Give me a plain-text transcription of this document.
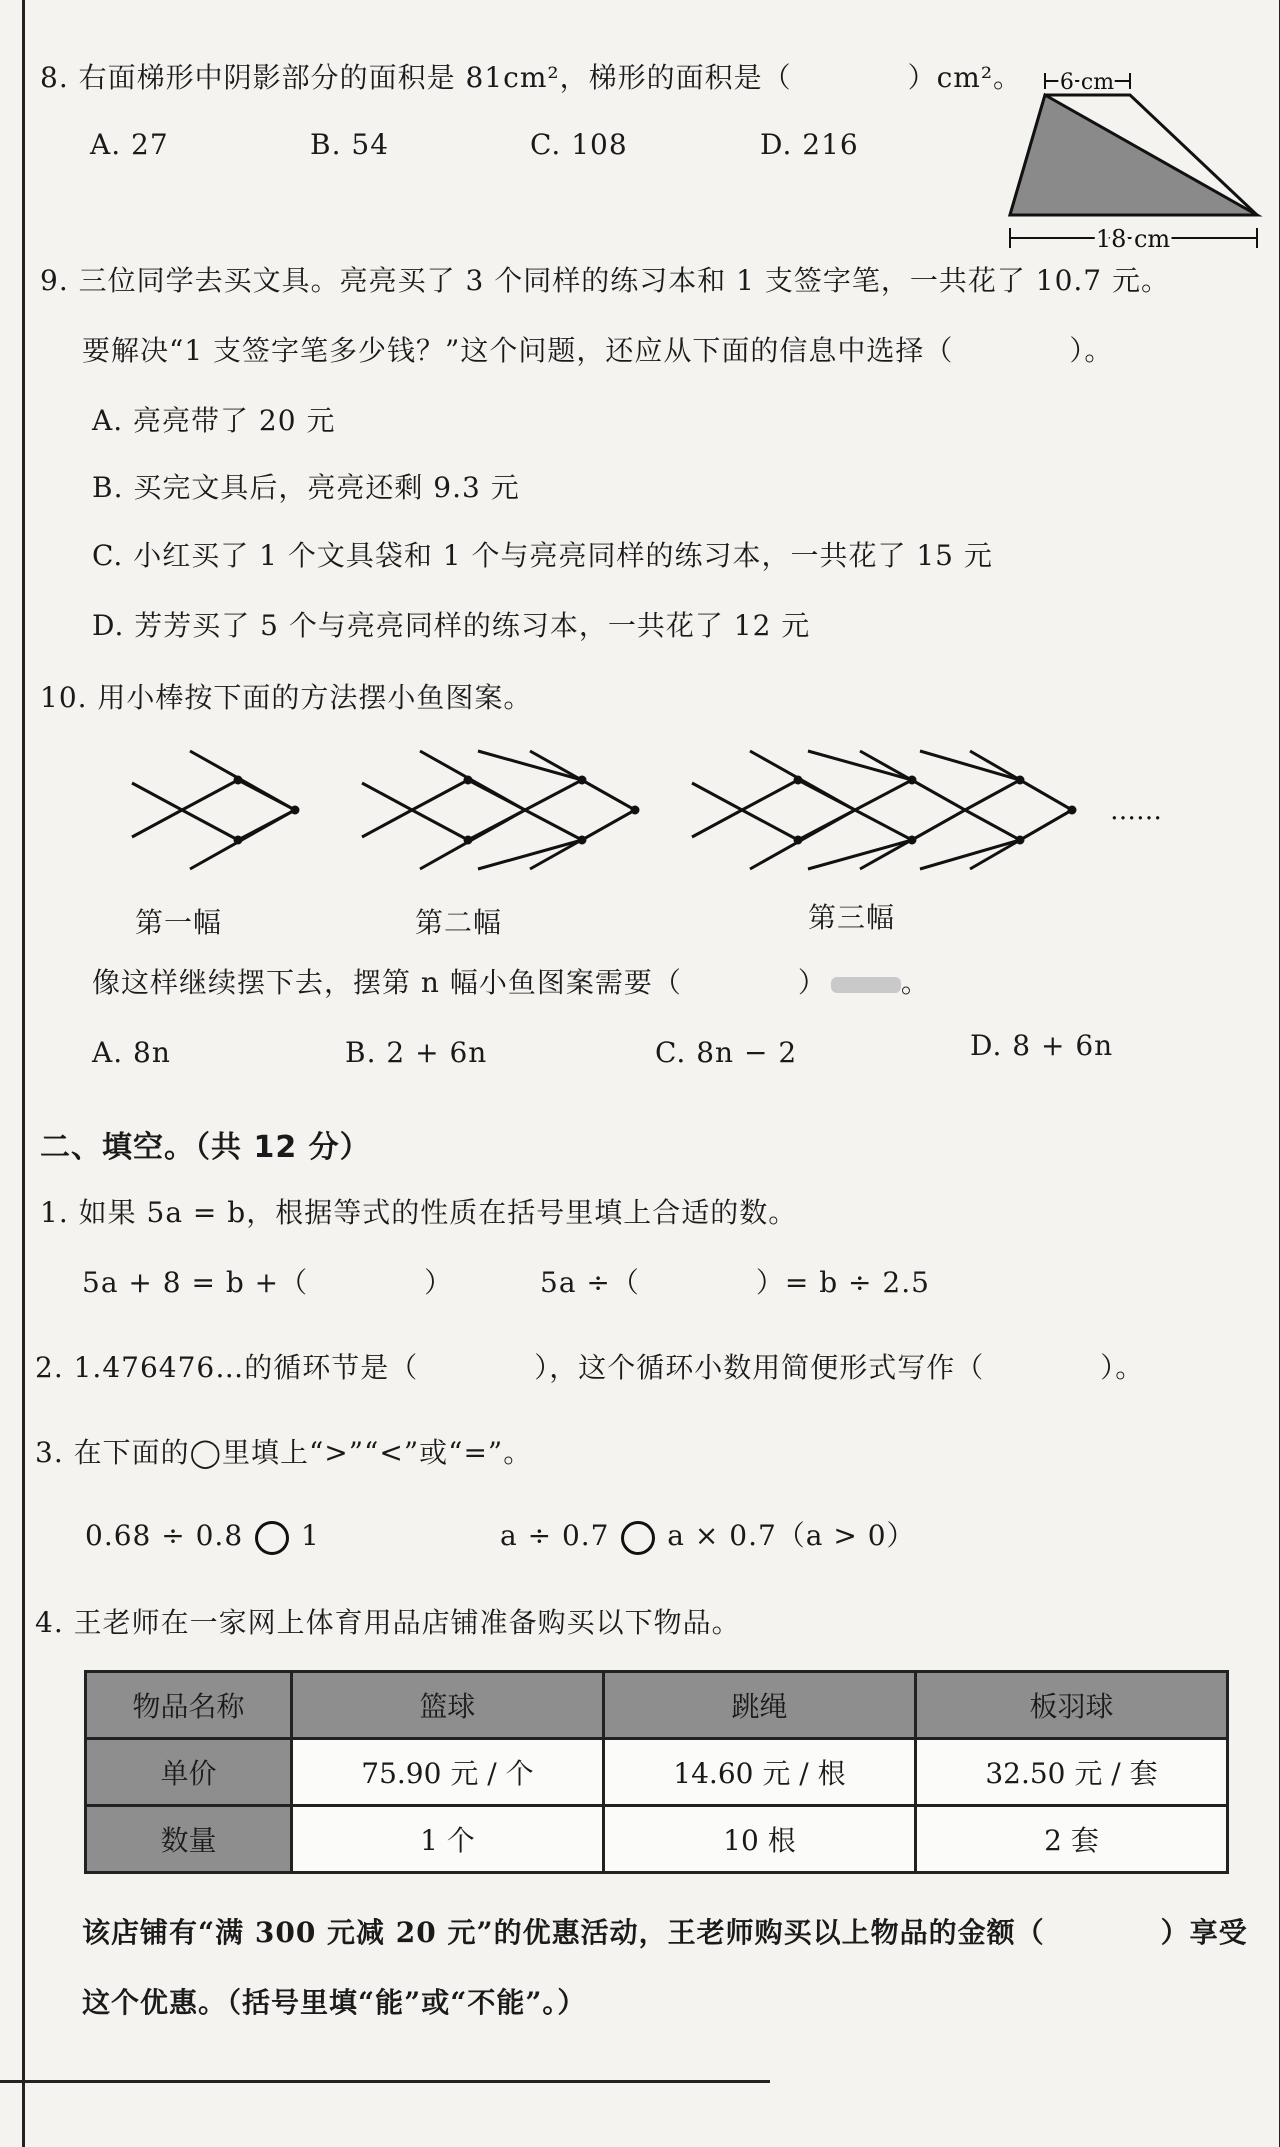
8. 右面梯形中阴影部分的面积是 81cm²，梯形的面积是（　　　　）cm²。
A. 27	B. 54	C. 108	D. 216
6 cm
18 cm
9. 三位同学去买文具。亮亮买了 3 个同样的练习本和 1 支签字笔，一共花了 10.7 元。
要解决“1 支签字笔多少钱？”这个问题，还应从下面的信息中选择（　　　　）。
A. 亮亮带了 20 元
B. 买完文具后，亮亮还剩 9.3 元
C. 小红买了 1 个文具袋和 1 个与亮亮同样的练习本，一共花了 15 元
D. 芳芳买了 5 个与亮亮同样的练习本，一共花了 12 元
10. 用小棒按下面的方法摆小鱼图案。
……
第一幅	第二幅	第三幅
像这样继续摆下去，摆第 n 幅小鱼图案需要（　　　　）	。
A. 8n	B. 2 + 6n	C. 8n − 2	D. 8 + 6n
二、填空。（共 12 分）
1. 如果 5a = b，根据等式的性质在括号里填上合适的数。
5a + 8 = b +（　　　　）	5a ÷（　　　　）= b ÷ 2.5
2. 1.476476…的循环节是（　　　　），这个循环小数用简便形式写作（　　　　）。
3. 在下面的◯里填上“>”“<”或“=”。
0.68 ÷ 0.8 1	a ÷ 0.7 a × 0.7（a > 0）
4. 王老师在一家网上体育用品店铺准备购买以下物品。
物品名称	篮球	跳绳	板羽球
单价	75.90 元 / 个	14.60 元 / 根	32.50 元 / 套
数量	1 个	10 根	2 套
该店铺有“满 300 元减 20 元”的优惠活动，王老师购买以上物品的金额（　　　　）享受
这个优惠。（括号里填“能”或“不能”。）
